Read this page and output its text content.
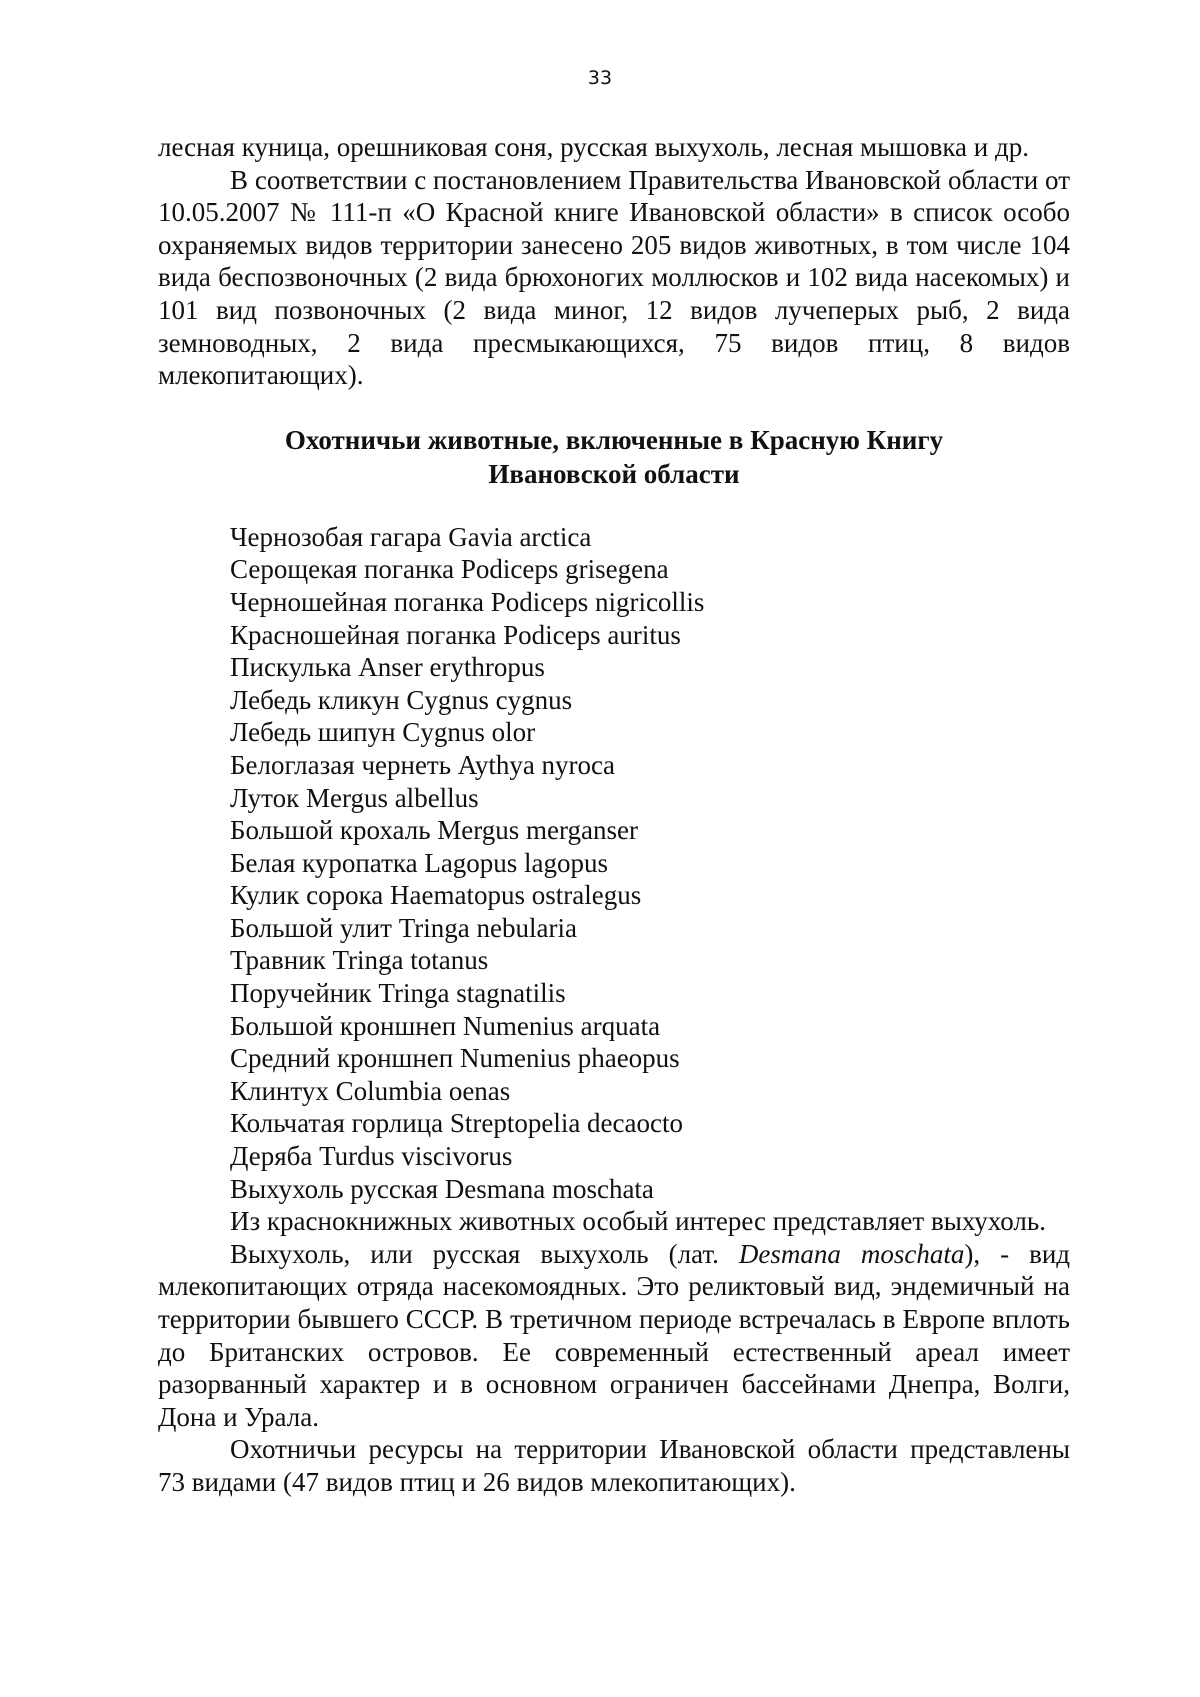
33

лесная куница, орешниковая соня, русская выхухоль, лесная мышовка и др.

В соответствии с постановлением Правительства Ивановской области от 10.05.2007 № 111-п «О Красной книге Ивановской области» в список особо охраняемых видов территории занесено 205 видов животных, в том числе 104 вида беспозвоночных (2 вида брюхоногих моллюсков и 102 вида насекомых) и 101 вид позвоночных (2 вида миног, 12 видов лучеперых рыб, 2 вида земноводных, 2 вида пресмыкающихся, 75 видов птиц, 8 видов млекопитающих).

Охотничьи животные, включенные в Красную Книгу
Ивановской области
Чернозобая гагара Gavia arctica
Серощекая поганка Podiceps grisegena
Черношейная поганка Podiceps nigricollis
Красношейная поганка Podiceps auritus
Пискулька Anser erythropus
Лебедь кликун Cygnus cygnus
Лебедь шипун Cygnus olor
Белоглазая чернеть Aythya nyroca
Луток Mergus albellus
Большой крохаль Mergus merganser
Белая куропатка Lagopus lagopus
Кулик сорока Haematopus ostralegus
Большой улит Tringa nebularia
Травник Tringa totanus
Поручейник Tringa stagnatilis
Большой кроншнеп Numenius arquata
Средний кроншнеп Numenius phaeopus
Клинтух Columbia oenas
Кольчатая горлица Streptopelia decaocto
Деряба Turdus viscivorus
Выхухоль русская Desmana moschata

Из краснокнижных животных особый интерес представляет выхухоль.

Выхухоль, или русская выхухоль (лат. Desmana moschata), - вид млекопитающих отряда насекомоядных. Это реликтовый вид, эндемичный на территории бывшего СССР. В третичном периоде встречалась в Европе вплоть до Британских островов. Ее современный естественный ареал имеет разорванный характер и в основном ограничен бассейнами Днепра, Волги, Дона и Урала.

Охотничьи ресурсы на территории Ивановской области представлены 73 видами (47 видов птиц и 26 видов млекопитающих).
